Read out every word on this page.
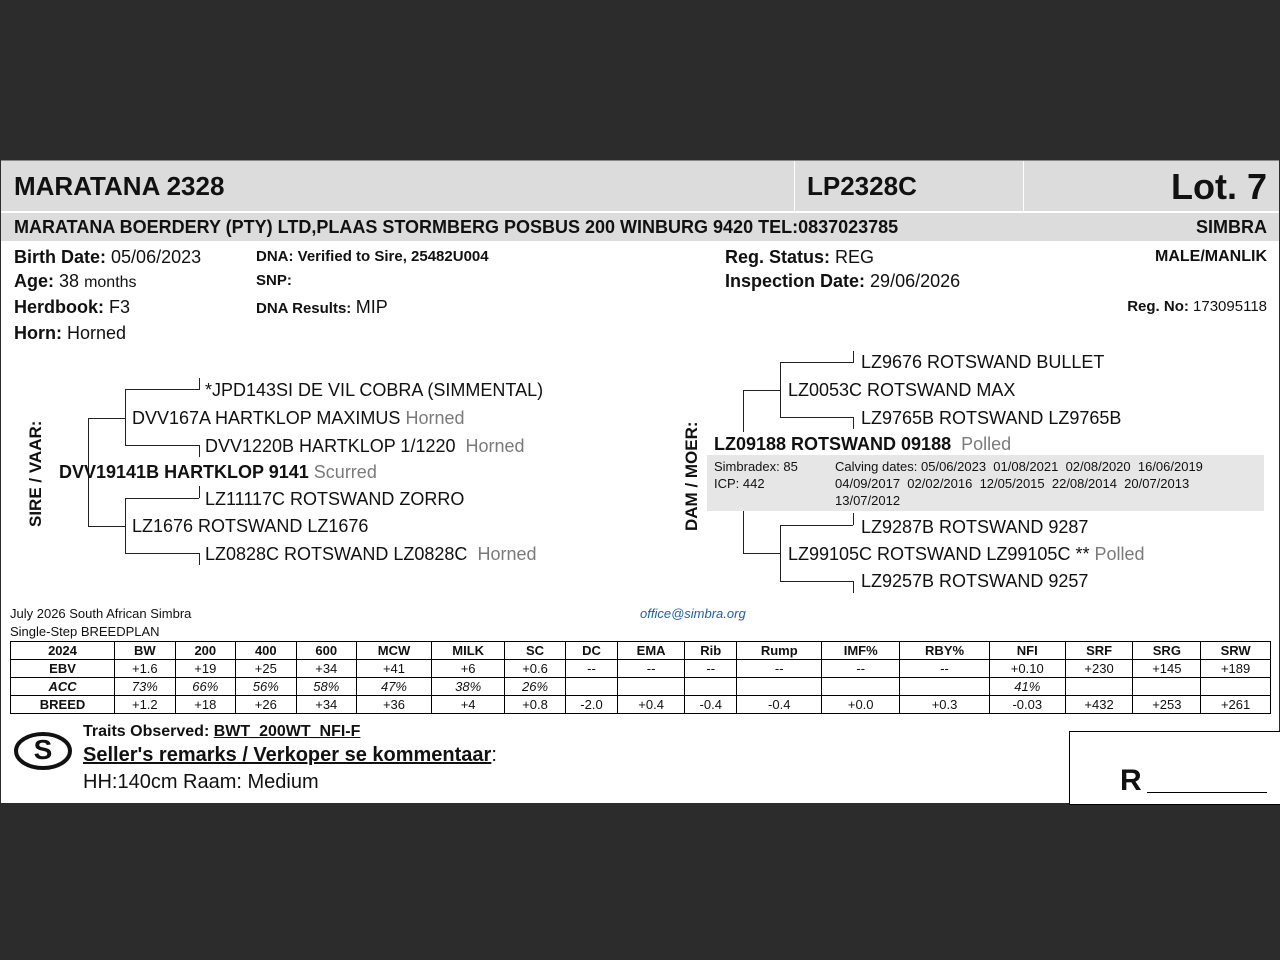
MARATANA 2328	LP2328C	Lot. 7
MARATANA BOERDERY (PTY) LTD,PLAAS STORMBERG POSBUS 200 WINBURG 9420 TEL:0837023785	SIMBRA
Birth Date: 05/06/2023
Age: 38 months
Herdbook: F3
Horn: Horned
DNA: Verified to Sire, 25482U004
SNP:
DNA Results: MIP
Reg. Status: REG
Inspection Date: 29/06/2026
MALE/MANLIK
Reg. No: 173095118
SIRE / VAAR:
*JPD143SI DE VIL COBRA (SIMMENTAL)
DVV167A HARTKLOP MAXIMUS Horned
DVV1220B HARTKLOP 1/1220 Horned
DVV19141B HARTKLOP 9141 Scurred
LZ11117C ROTSWAND ZORRO
LZ1676 ROTSWAND LZ1676
LZ0828C ROTSWAND LZ0828C Horned
DAM / MOER:
LZ9676 ROTSWAND BULLET
LZ0053C ROTSWAND MAX
LZ9765B ROTSWAND LZ9765B
LZ09188 ROTSWAND 09188 Polled
Simbradex: 85
ICP: 442
Calving dates: 05/06/2023  01/08/2021  02/08/2020  16/06/2019
04/09/2017  02/02/2016  12/05/2015  22/08/2014  20/07/2013
13/07/2012
LZ9287B ROTSWAND 9287
LZ99105C ROTSWAND LZ99105C ** Polled
LZ9257B ROTSWAND 9257
July 2026 South African Simbra
Single-Step BREEDPLAN
office@simbra.org
2024	BW	200	400	600	MCW	MILK	SC	DC	EMA	Rib	Rump	IMF%	RBY%	NFI	SRF	SRG	SRW
EBV	+1.6	+19	+25	+34	+41	+6	+0.6	--	--	--	--	--	--	+0.10	+230	+145	+189
ACC	73%	66%	56%	58%	47%	38%	26%							41%			
BREED	+1.2	+18	+26	+34	+36	+4	+0.8	-2.0	+0.4	-0.4	-0.4	+0.0	+0.3	-0.03	+432	+253	+261
S
Traits Observed: BWT_200WT_NFI-F
Seller's remarks / Verkoper se kommentaar:
HH:140cm Raam: Medium	R
